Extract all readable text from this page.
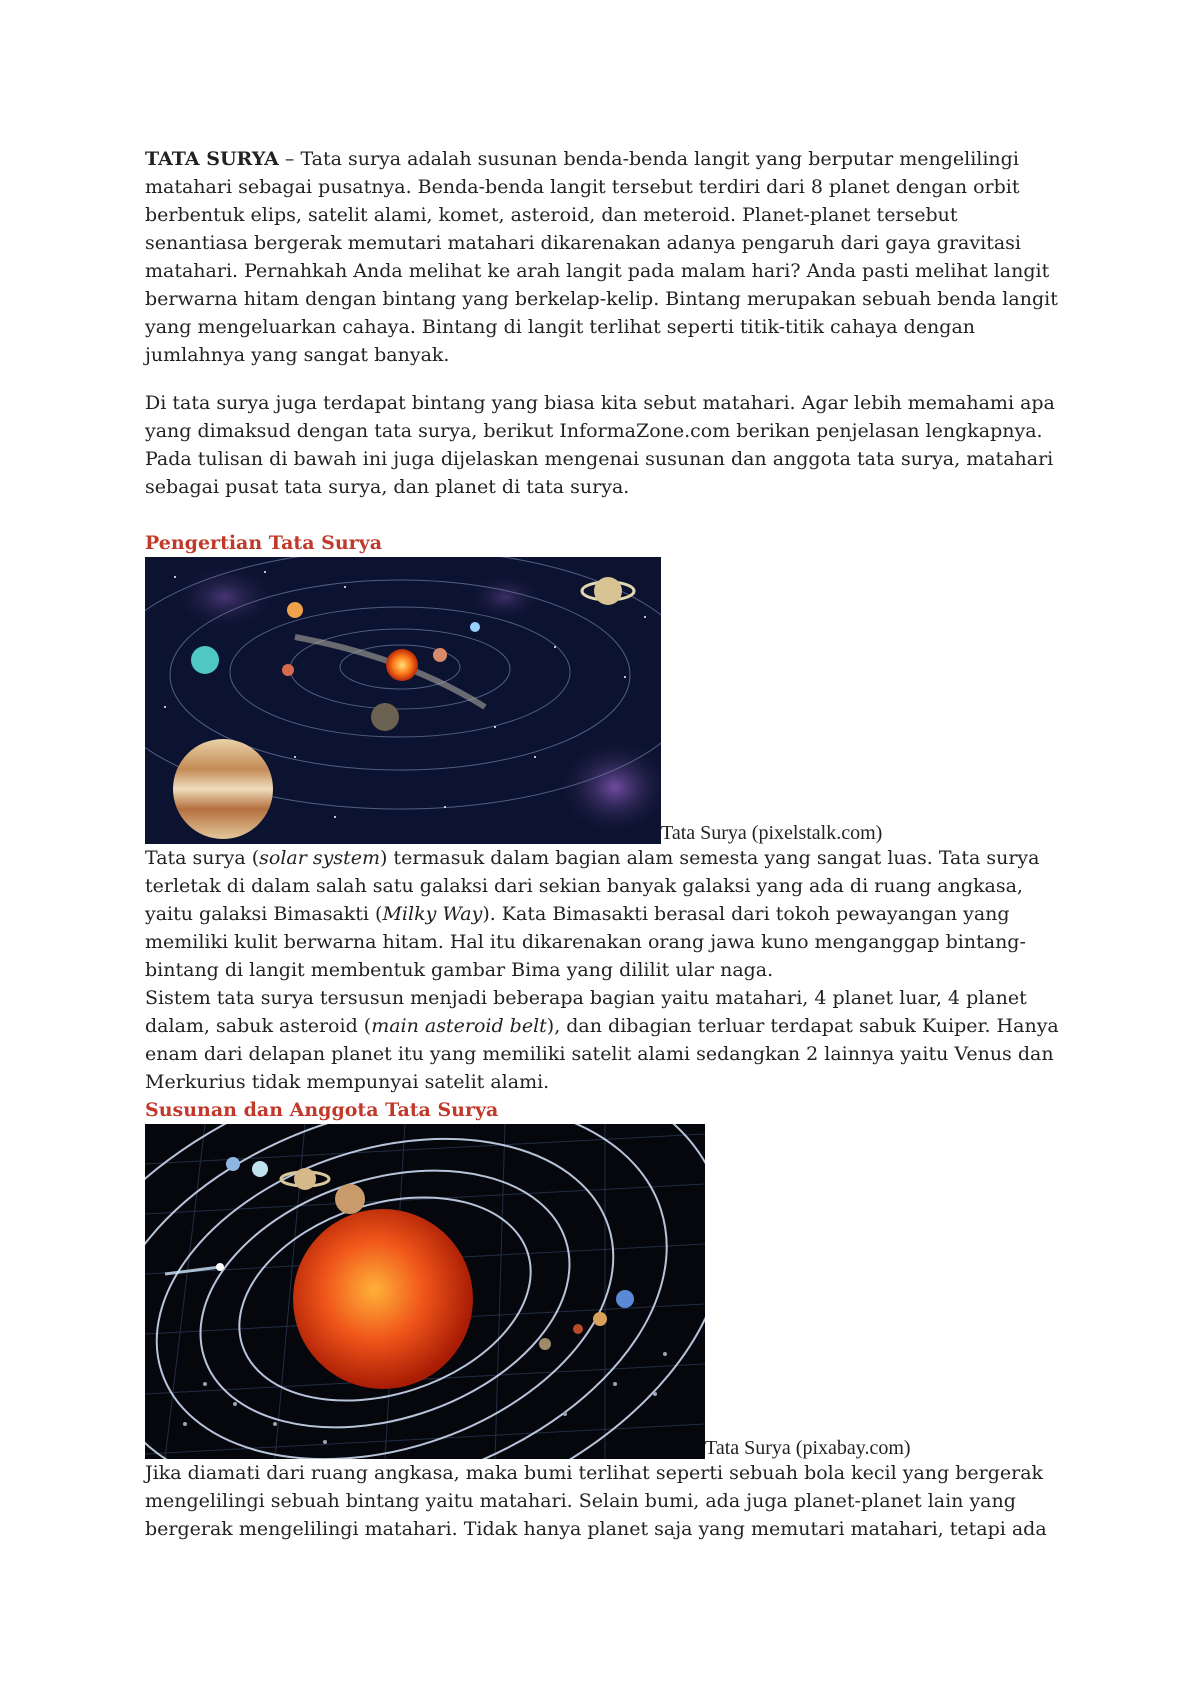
TATA SURYA – Tata surya adalah susunan benda-benda langit yang berputar mengelilingi matahari sebagai pusatnya. Benda-benda langit tersebut terdiri dari 8 planet dengan orbit berbentuk elips, satelit alami, komet, asteroid, dan meteroid. Planet-planet tersebut senantiasa bergerak memutari matahari dikarenakan adanya pengaruh dari gaya gravitasi matahari. Pernahkah Anda melihat ke arah langit pada malam hari? Anda pasti melihat langit berwarna hitam dengan bintang yang berkelap-kelip. Bintang merupakan sebuah benda langit yang mengeluarkan cahaya. Bintang di langit terlihat seperti titik-titik cahaya dengan jumlahnya yang sangat banyak.

Di tata surya juga terdapat bintang yang biasa kita sebut matahari. Agar lebih memahami apa yang dimaksud dengan tata surya, berikut InformaZone.com berikan penjelasan lengkapnya. Pada tulisan di bawah ini juga dijelaskan mengenai susunan dan anggota tata surya, matahari sebagai pusat tata surya, dan planet di tata surya.

Pengertian Tata Surya

Tata Surya (pixelstalk.com)

Tata surya (solar system) termasuk dalam bagian alam semesta yang sangat luas. Tata surya terletak di dalam salah satu galaksi dari sekian banyak galaksi yang ada di ruang angkasa, yaitu galaksi Bimasakti (Milky Way). Kata Bimasakti berasal dari tokoh pewayangan yang memiliki kulit berwarna hitam. Hal itu dikarenakan orang jawa kuno menganggap bintang-bintang di langit membentuk gambar Bima yang dililit ular naga.

Sistem tata surya tersusun menjadi beberapa bagian yaitu matahari, 4 planet luar, 4 planet dalam, sabuk asteroid (main asteroid belt), dan dibagian terluar terdapat sabuk Kuiper. Hanya enam dari delapan planet itu yang memiliki satelit alami sedangkan 2 lainnya yaitu Venus dan Merkurius tidak mempunyai satelit alami.

Susunan dan Anggota Tata Surya

Tata Surya (pixabay.com)

Jika diamati dari ruang angkasa, maka bumi terlihat seperti sebuah bola kecil yang bergerak mengelilingi sebuah bintang yaitu matahari. Selain bumi, ada juga planet-planet lain yang bergerak mengelilingi matahari. Tidak hanya planet saja yang memutari matahari, tetapi ada
